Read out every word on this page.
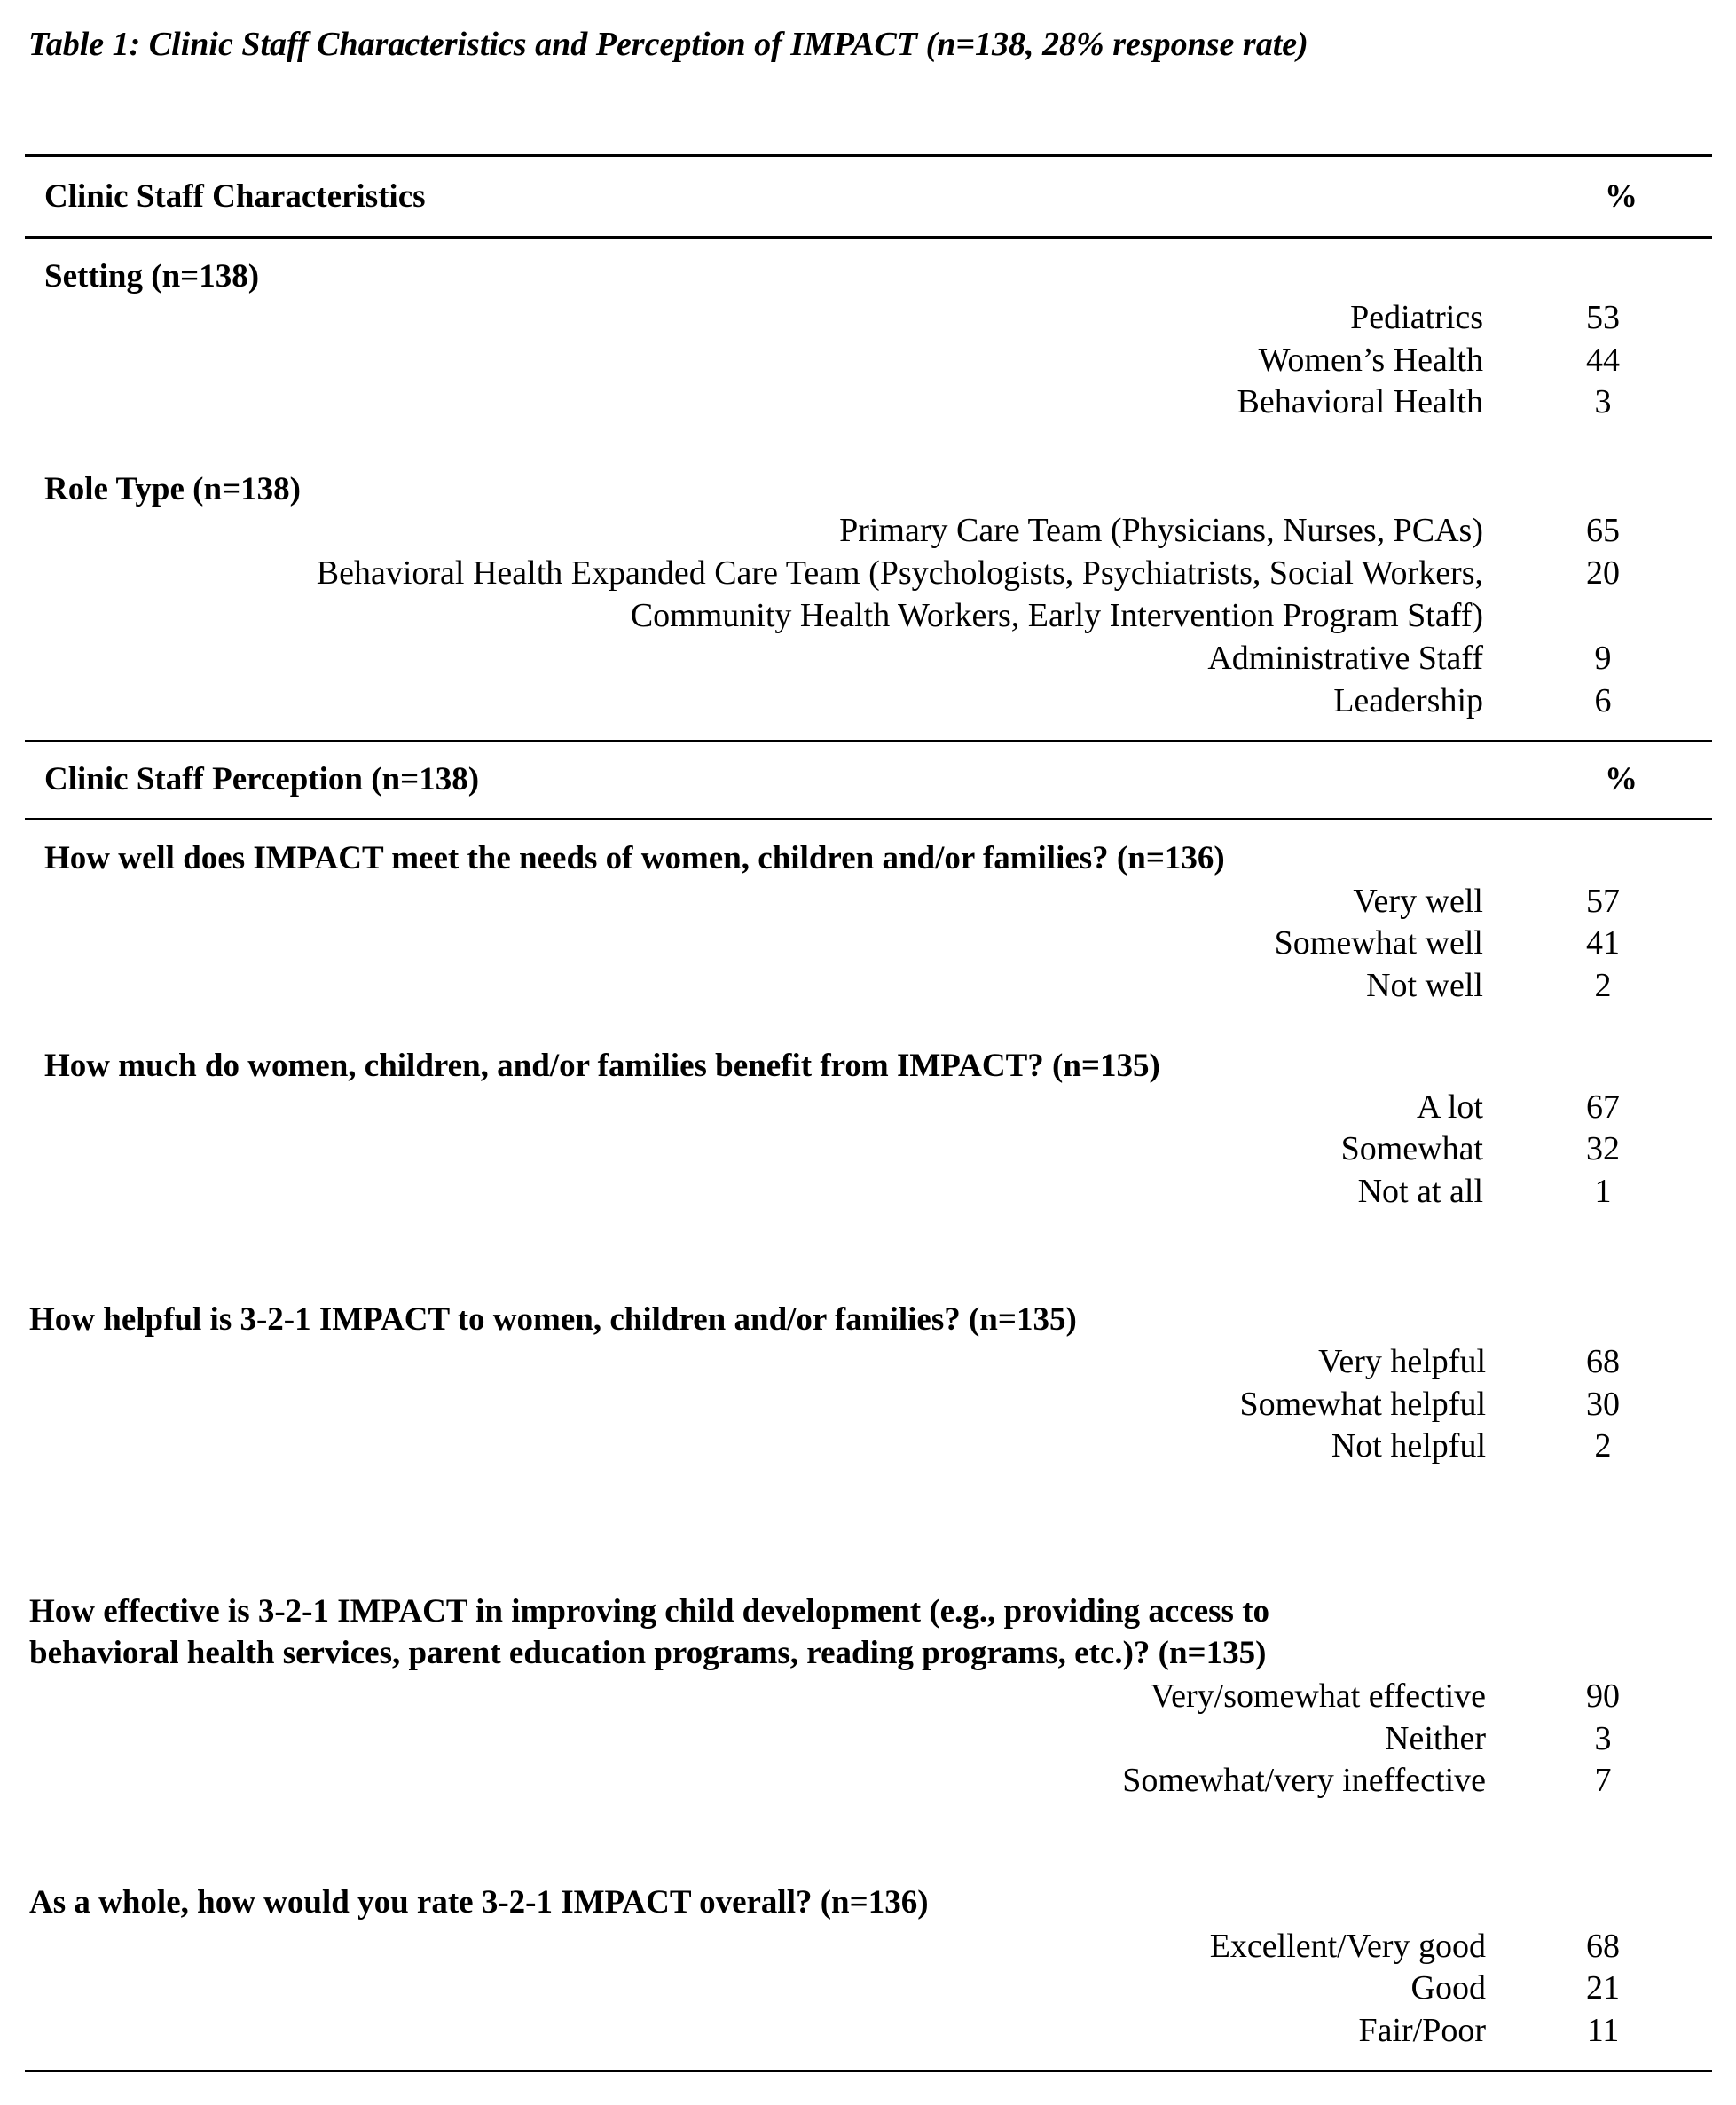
Table 1: Clinic Staff Characteristics and Perception of IMPACT (n=138, 28% response rate)
Clinic Staff Characteristics	%
Setting (n=138)
Pediatrics	53
Women’s Health	44
Behavioral Health	3
Role Type (n=138)
Primary Care Team (Physicians, Nurses, PCAs)	65
Behavioral Health Expanded Care Team (Psychologists, Psychiatrists, Social Workers,	20
Community Health Workers, Early Intervention Program Staff)
Administrative Staff	9
Leadership	6
Clinic Staff Perception (n=138)	%
How well does IMPACT meet the needs of women, children and/or families? (n=136)
Very well	57
Somewhat well	41
Not well	2
How much do women, children, and/or families benefit from IMPACT? (n=135)
A lot	67
Somewhat	32
Not at all	1
How helpful is 3-2-1 IMPACT to women, children and/or families? (n=135)
Very helpful	68
Somewhat helpful	30
Not helpful	2
How effective is 3-2-1 IMPACT in improving child development (e.g., providing access to
behavioral health services, parent education programs, reading programs, etc.)? (n=135)
Very/somewhat effective	90
Neither	3
Somewhat/very ineffective	7
As a whole, how would you rate 3-2-1 IMPACT overall? (n=136)
Excellent/Very good	68
Good	21
Fair/Poor	11
